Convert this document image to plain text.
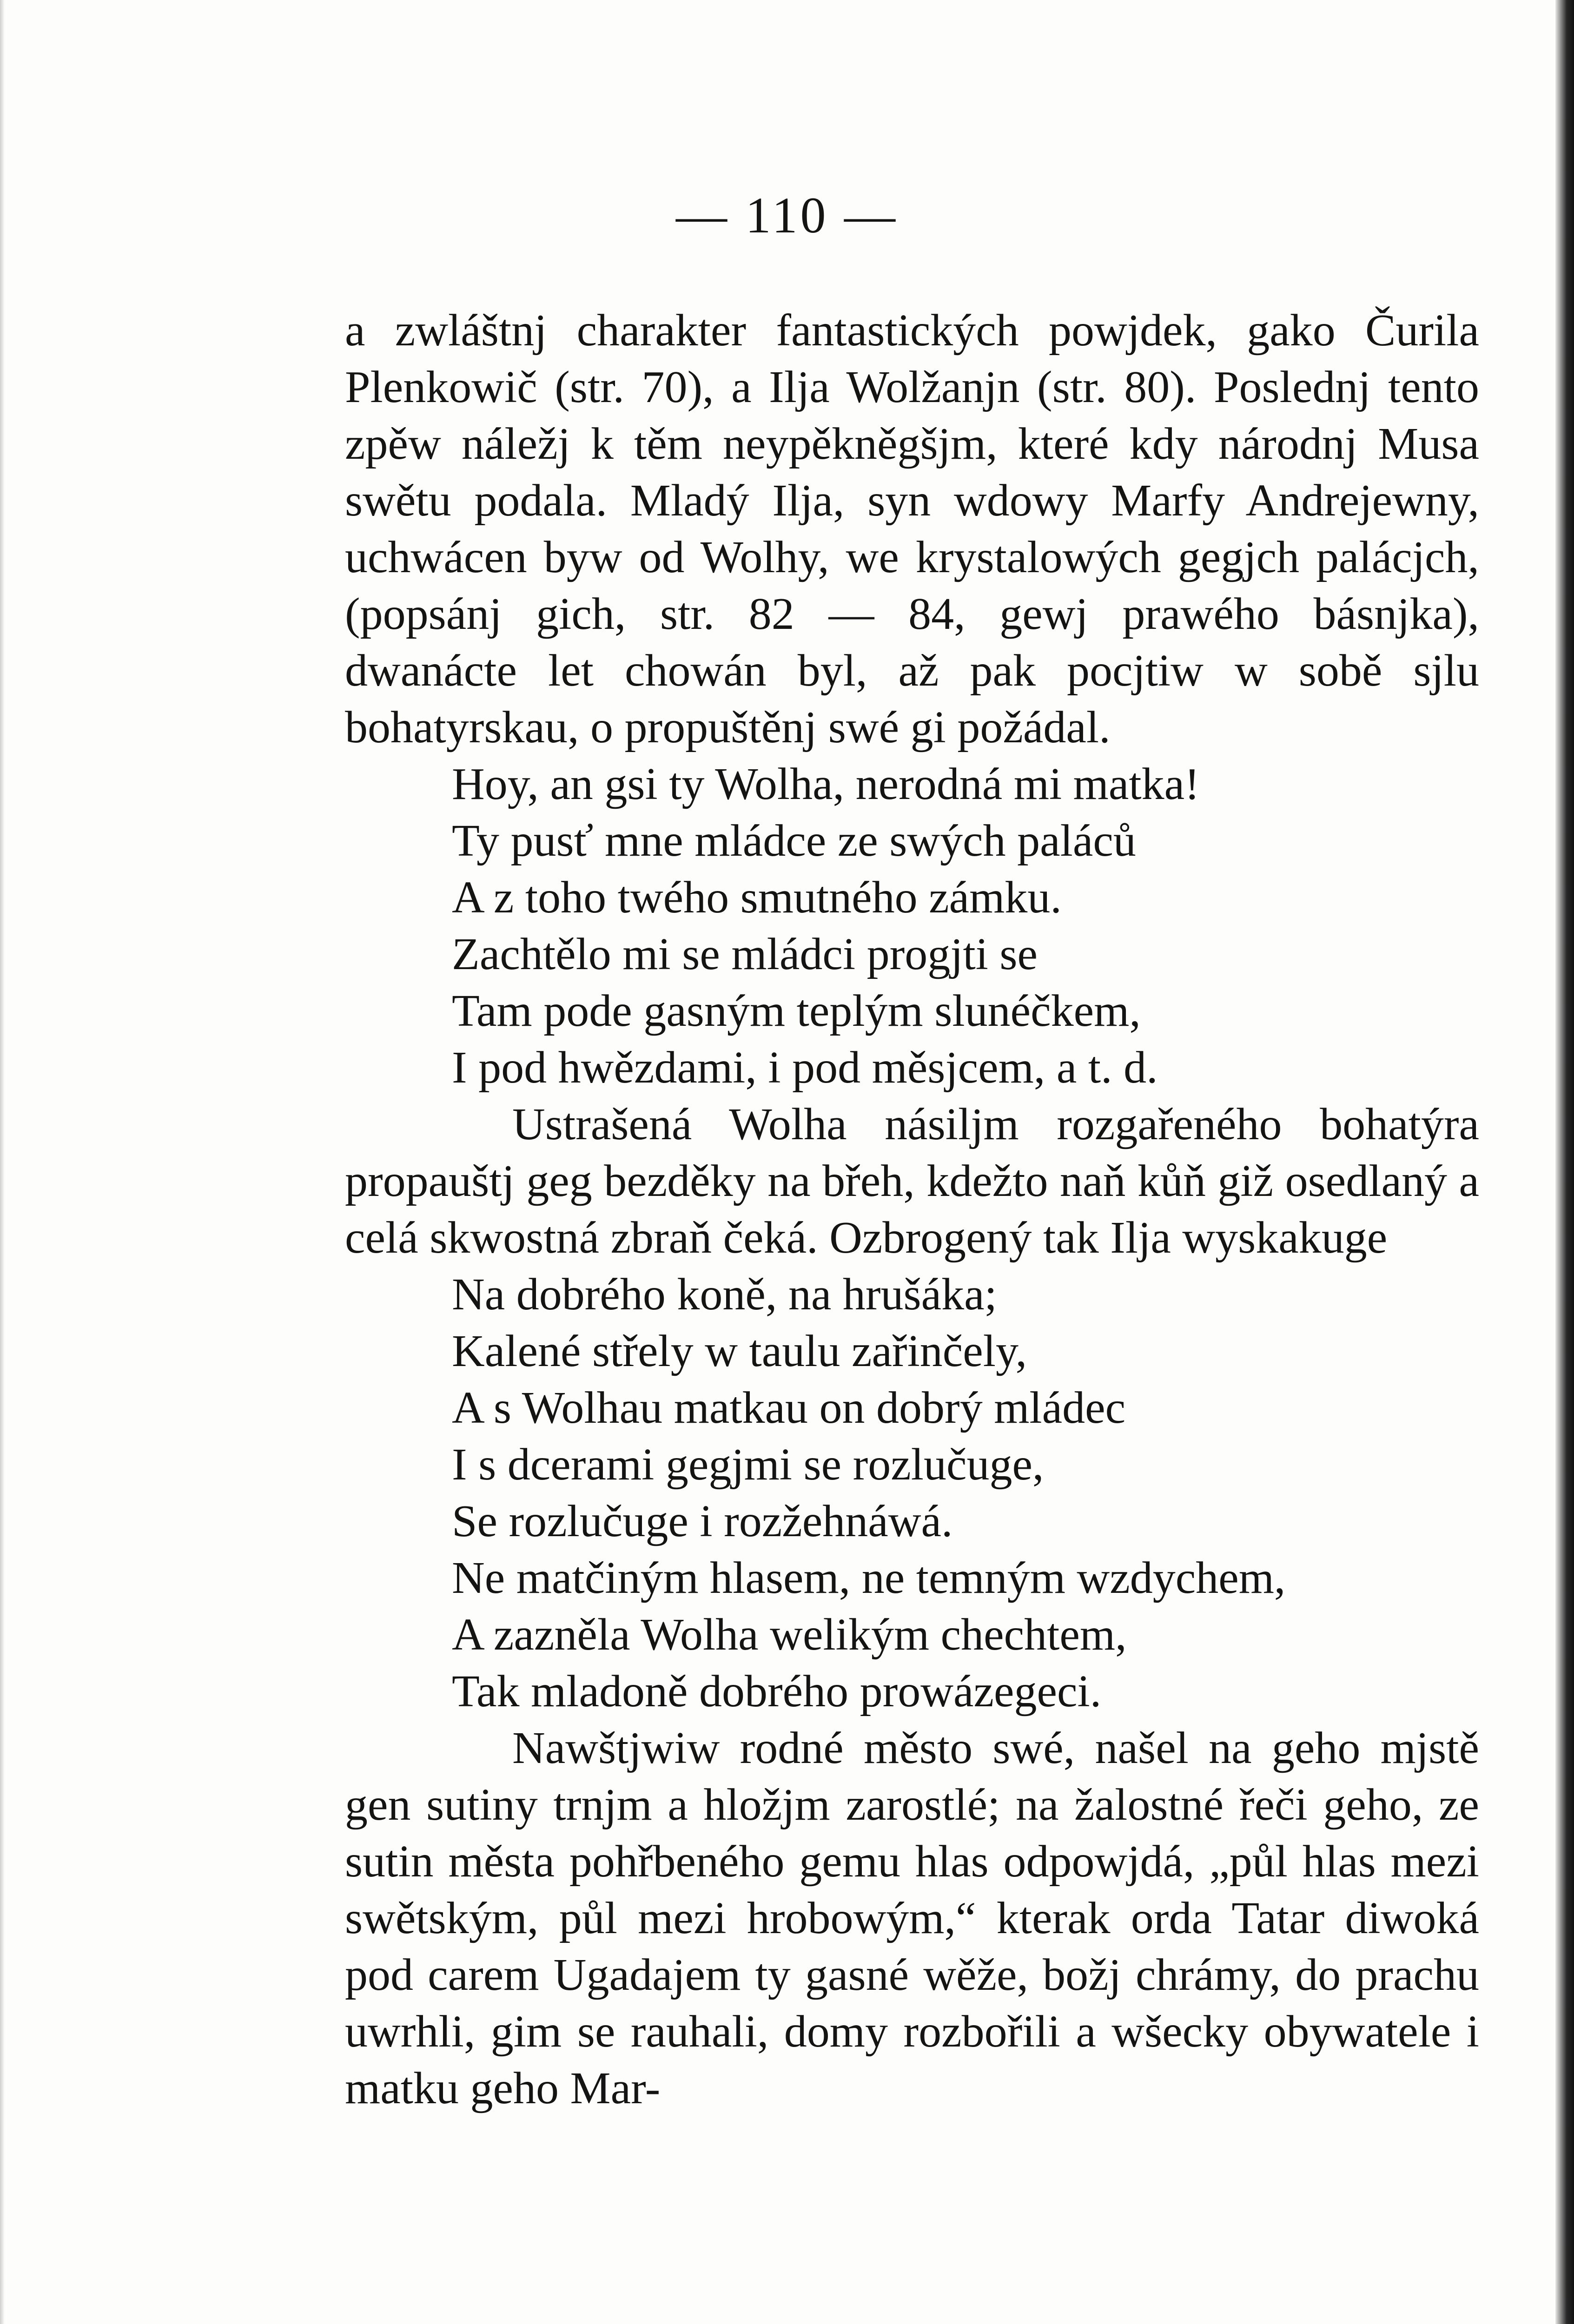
— 110 —

a zwláštnj charakter fantastických powjdek, gako Čurila Plenkowič (str. 70), a Ilja Wolžanjn (str. 80). Poslednj tento zpěw náležj k těm neypěkněgšjm, které kdy národnj Musa swětu podala. Mladý Ilja, syn wdowy Marfy Andrejewny, uchwácen byw od Wolhy, we krystalowých gegjch palácjch, (popsánj gich, str. 82 — 84, gewj prawého básnjka), dwanácte let chowán byl, až pak pocjtiw w sobě sjlu bohatyrskau, o propuštěnj swé gi požádal.

Hoy, an gsi ty Wolha, nerodná mi matka!
Ty pusť mne mládce ze swých paláců
A z toho twého smutného zámku.
Zachtělo mi se mládci progjti se
Tam pode gasným teplým slunéčkem,
I pod hwězdami, i pod měsjcem, a t. d.

Ustrašená Wolha násiljm rozgařeného bohatýra propauštj geg bezděky na břeh, kdežto naň kůň giž osedlaný a celá skwostná zbraň čeká. Ozbrogený tak Ilja wyskakuge

Na dobrého koně, na hrušáka;
Kalené střely w taulu zařinčely,
A s Wolhau matkau on dobrý mládec
I s dcerami gegjmi se rozlučuge,
Se rozlučuge i rozžehnáwá.
Ne matčiným hlasem, ne temným wzdychem,
A zazněla Wolha welikým chechtem,
Tak mladoně dobrého prowázegeci.

Nawštjwiw rodné město swé, našel na geho mjstě gen sutiny trnjm a hložjm zarostlé; na žalostné řeči geho, ze sutin města pohřbeného gemu hlas odpowjdá, „půl hlas mezi swětským, půl mezi hrobowým,“ kterak orda Tatar diwoká pod carem Ugadajem ty gasné wěže, božj chrámy, do prachu uwrhli, gim se rauhali, domy rozbořili a wšecky obywatele i matku geho Mar-
